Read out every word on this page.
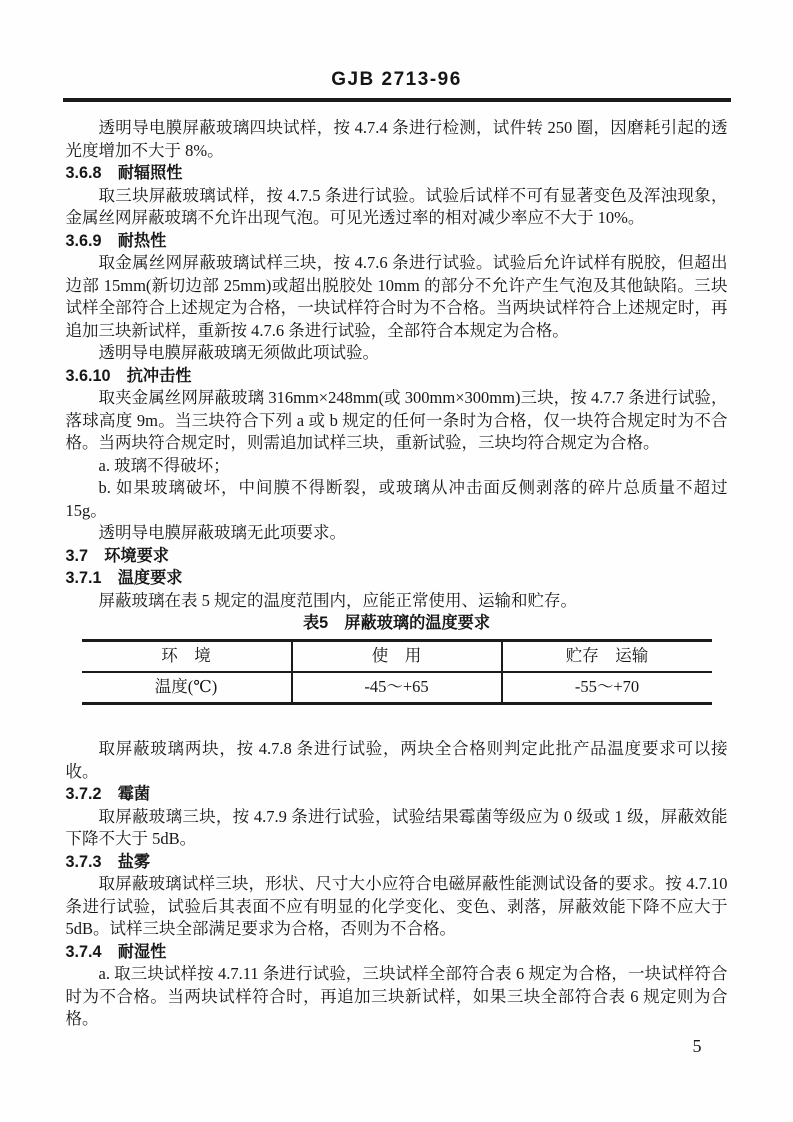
GJB 2713-96

透明导电膜屏蔽玻璃四块试样，按 4.7.4 条进行检测，试件转 250 圈，因磨耗引起的透光度增加不大于 8%。

3.6.8　耐辐照性

取三块屏蔽玻璃试样，按 4.7.5 条进行试验。试验后试样不可有显著变色及浑浊现象，金属丝网屏蔽玻璃不允许出现气泡。可见光透过率的相对减少率应不大于 10%。

3.6.9　耐热性

取金属丝网屏蔽玻璃试样三块，按 4.7.6 条进行试验。试验后允许试样有脱胶，但超出边部 15mm(新切边部 25mm)或超出脱胶处 10mm 的部分不允许产生气泡及其他缺陷。三块试样全部符合上述规定为合格，一块试样符合时为不合格。当两块试样符合上述规定时，再追加三块新试样，重新按 4.7.6 条进行试验，全部符合本规定为合格。

透明导电膜屏蔽玻璃无须做此项试验。

3.6.10　抗冲击性

取夹金属丝网屏蔽玻璃 316mm×248mm(或 300mm×300mm)三块，按 4.7.7 条进行试验，落球高度 9m。当三块符合下列 a 或 b 规定的任何一条时为合格，仅一块符合规定时为不合格。当两块符合规定时，则需追加试样三块，重新试验，三块均符合规定为合格。

a. 玻璃不得破坏；

b. 如果玻璃破坏，中间膜不得断裂，或玻璃从冲击面反侧剥落的碎片总质量不超过 15g。

透明导电膜屏蔽玻璃无此项要求。

3.7　环境要求

3.7.1　温度要求

屏蔽玻璃在表 5 规定的温度范围内，应能正常使用、运输和贮存。

表5　屏蔽玻璃的温度要求
环　境	使　用	贮存　运输
温度(℃)	-45～+65	-55～+70

取屏蔽玻璃两块，按 4.7.8 条进行试验，两块全合格则判定此批产品温度要求可以接收。

3.7.2　霉菌

取屏蔽玻璃三块，按 4.7.9 条进行试验，试验结果霉菌等级应为 0 级或 1 级，屏蔽效能下降不大于 5dB。

3.7.3　盐雾

取屏蔽玻璃试样三块，形状、尺寸大小应符合电磁屏蔽性能测试设备的要求。按 4.7.10 条进行试验，试验后其表面不应有明显的化学变化、变色、剥落，屏蔽效能下降不应大于 5dB。试样三块全部满足要求为合格，否则为不合格。

3.7.4　耐湿性

a. 取三块试样按 4.7.11 条进行试验，三块试样全部符合表 6 规定为合格，一块试样符合时为不合格。当两块试样符合时，再追加三块新试样，如果三块全部符合表 6 规定则为合格。

5
